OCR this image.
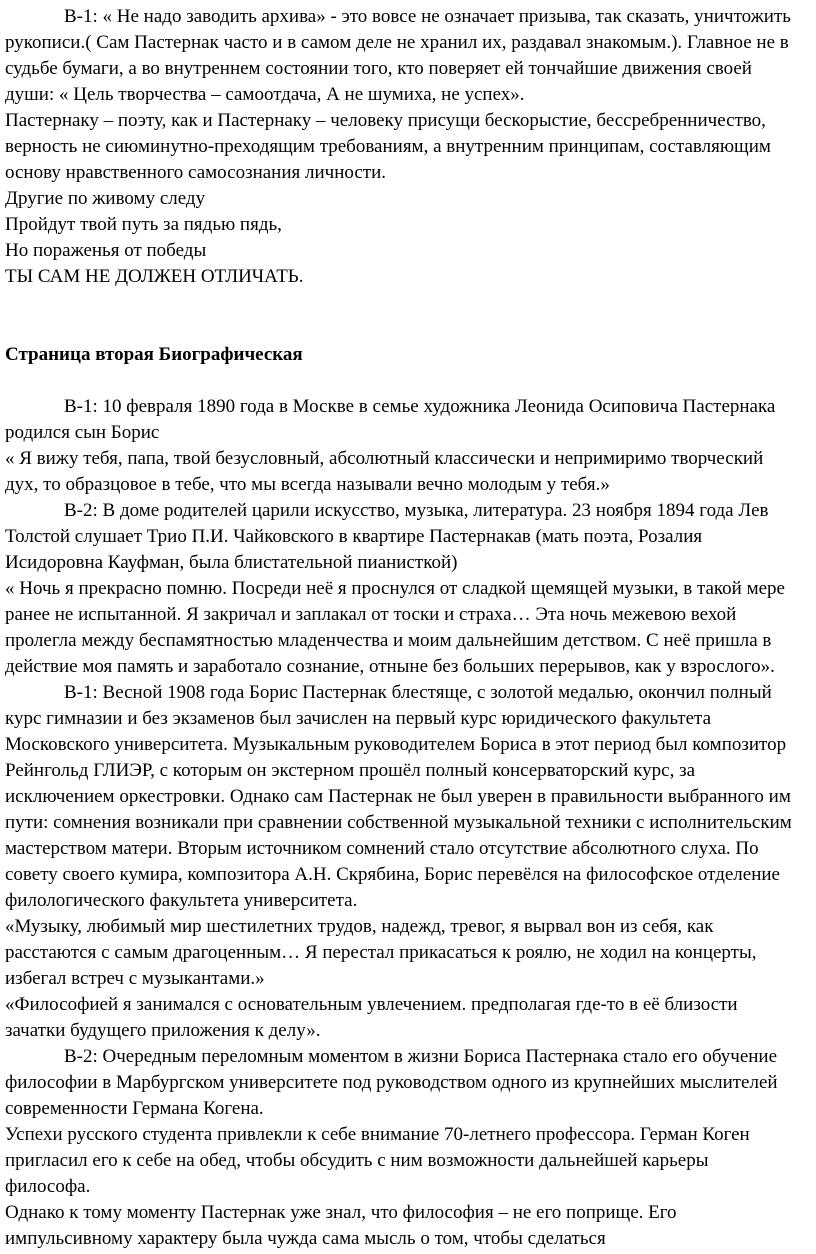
В-1: « Не надо заводить архива» - это вовсе не означает призыва, так сказать, уничтожить рукописи.( Сам Пастернак часто и в самом деле не хранил их, раздавал знакомым.). Главное не в судьбе бумаги, а во внутреннем состоянии того, кто поверяет ей тончайшие движения своей души: « Цель творчества – самоотдача, А не шумиха, не успех».

Пастернаку – поэту, как и Пастернаку – человеку присущи бескорыстие, бессребренничество, верность не сиюминутно-преходящим требованиям, а внутренним принципам, составляющим основу нравственного самосознания личности.

Другие по живому следу

Пройдут твой путь за пядью пядь,

Но пораженья от победы

ТЫ САМ НЕ ДОЛЖЕН ОТЛИЧАТЬ.

Страница вторая Биографическая

В-1: 10 февраля 1890 года в Москве в семье художника Леонида Осиповича Пастернака родился сын Борис

« Я вижу тебя, папа, твой безусловный, абсолютный классически и непримиримо творческий дух, то образцовое в тебе, что мы всегда называли вечно молодым у тебя.»

В-2: В доме родителей царили искусство, музыка, литература. 23 ноября 1894 года Лев Толстой слушает Трио П.И. Чайковского в квартире Пастернакав (мать поэта, Розалия Исидоровна Кауфман, была блистательной пианисткой)

« Ночь я прекрасно помню. Посреди неё я проснулся от сладкой щемящей музыки, в такой мере ранее не испытанной. Я закричал и заплакал от тоски и страха… Эта ночь межевою вехой пролегла между беспамятностью младенчества и моим дальнейшим детством. С неё пришла в действие моя память и заработало сознание, отныне без больших перерывов, как у взрослого».

В-1: Весной 1908 года Борис Пастернак блестяще, с золотой медалью, окончил полный курс гимназии и без экзаменов был зачислен на первый курс юридического факультета Московского университета. Музыкальным руководителем Бориса в этот период был композитор Рейнгольд ГЛИЭР, с которым он экстерном прошёл полный консерваторский курс, за исключением оркестровки. Однако сам Пастернак не был уверен в правильности выбранного им пути: сомнения возникали при сравнении собственной музыкальной техники с исполнительским мастерством матери. Вторым источником сомнений стало отсутствие абсолютного слуха. По совету своего кумира, композитора А.Н. Скрябина, Борис перевёлся на философское отделение филологического факультета университета.

«Музыку, любимый мир шестилетних трудов, надежд, тревог, я вырвал вон из себя, как расстаются с самым драгоценным… Я перестал прикасаться к роялю, не ходил на концерты, избегал встреч с музыкантами.»

«Философией я занимался с основательным увлечением. предполагая где-то в её близости зачатки будущего приложения к делу».

В-2: Очередным переломным моментом в жизни Бориса Пастернака стало его обучение философии в Марбургском университете под руководством одного из крупнейших мыслителей современности Германа Когена.

Успехи русского студента привлекли к себе внимание 70-летнего профессора. Герман Коген пригласил его к себе на обед, чтобы обсудить с ним возможности дальнейшей карьеры философа.

Однако к тому моменту Пастернак уже знал, что философия – не его поприще. Его импульсивному характеру была чужда сама мысль о том, чтобы сделаться
